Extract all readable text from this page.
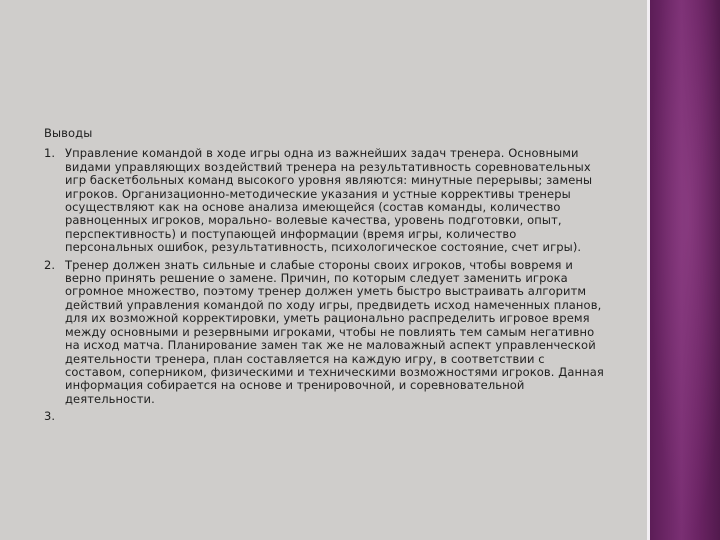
Выводы
1. Управление командой в ходе игры одна из важнейших задач тренера. Основными видами управляющих воздействий тренера на результативность соревновательных игр баскетбольных команд высокого уровня являются: минутные перерывы; замены игроков. Организационно-методические указания и устные коррективы тренеры осуществляют как на основе анализа имеющейся (состав команды, количество равноценных игроков, морально- волевые качества, уровень подготовки, опыт, перспективность) и поступающей информации (время игры, количество персональных ошибок, результативность, психологическое состояние, счет игры).
2. Тренер должен знать сильные и слабые стороны своих игроков, чтобы вовремя и верно принять решение о замене. Причин, по которым следует заменить игрока огромное множество, поэтому тренер должен уметь быстро выстраивать алгоритм действий управления командой по ходу игры, предвидеть исход намеченных планов, для их возможной корректировки, уметь рационально распределить игровое время между основными и резервными игроками, чтобы не повлиять тем самым негативно на исход матча. Планирование замен так же не маловажный аспект управленческой деятельности тренера, план составляется на каждую игру, в соответствии с составом, соперником, физическими и техническими возможностями игроков. Данная информация собирается на основе и тренировочной, и соревновательной деятельности.
3.
